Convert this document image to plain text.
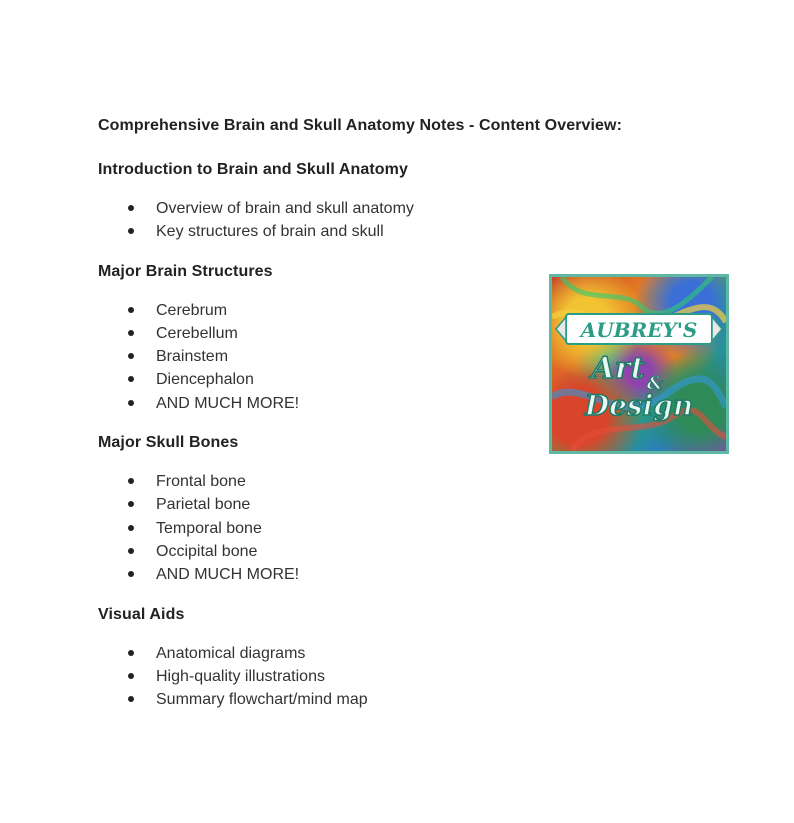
Comprehensive Brain and Skull Anatomy Notes - Content Overview:
Introduction to Brain and Skull Anatomy
Overview of brain and skull anatomy
Key structures of brain and skull
Major Brain Structures
Cerebrum
Cerebellum
Brainstem
Diencephalon
AND MUCH MORE!
Major Skull Bones
Frontal bone
Parietal bone
Temporal bone
Occipital bone
AND MUCH MORE!
Visual Aids
Anatomical diagrams
High-quality illustrations
Summary flowchart/mind map
AUBREY'S
Art &
Design
